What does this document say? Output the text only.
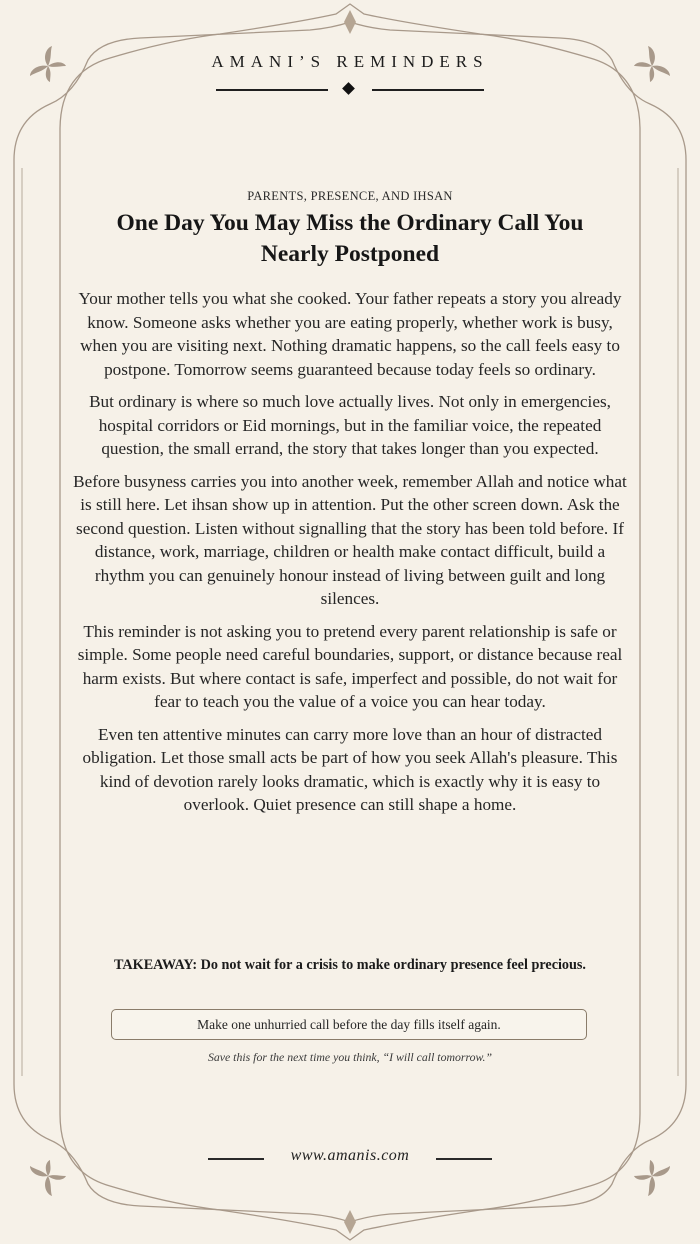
AMANI’S REMINDERS
PARENTS, PRESENCE, AND IHSAN
One Day You May Miss the Ordinary Call You Nearly Postponed

Your mother tells you what she cooked. Your father repeats a story you already know. Someone asks whether you are eating properly, whether work is busy, when you are visiting next. Nothing dramatic happens, so the call feels easy to postpone. Tomorrow seems guaranteed because today feels so ordinary.

But ordinary is where so much love actually lives. Not only in emergencies, hospital corridors or Eid mornings, but in the familiar voice, the repeated question, the small errand, the story that takes longer than you expected.

Before busyness carries you into another week, remember Allah and notice what is still here. Let ihsan show up in attention. Put the other screen down. Ask the second question. Listen without signalling that the story has been told before. If distance, work, marriage, children or health make contact difficult, build a rhythm you can genuinely honour instead of living between guilt and long silences.

This reminder is not asking you to pretend every parent relationship is safe or simple. Some people need careful boundaries, support, or distance because real harm exists. But where contact is safe, imperfect and possible, do not wait for fear to teach you the value of a voice you can hear today.

Even ten attentive minutes can carry more love than an hour of distracted obligation. Let those small acts be part of how you seek Allah's pleasure. This kind of devotion rarely looks dramatic, which is exactly why it is easy to overlook. Quiet presence can still shape a home.

TAKEAWAY: Do not wait for a crisis to make ordinary presence feel precious.
Make one unhurried call before the day fills itself again.
Save this for the next time you think, “I will call tomorrow.”
www.amanis.com
